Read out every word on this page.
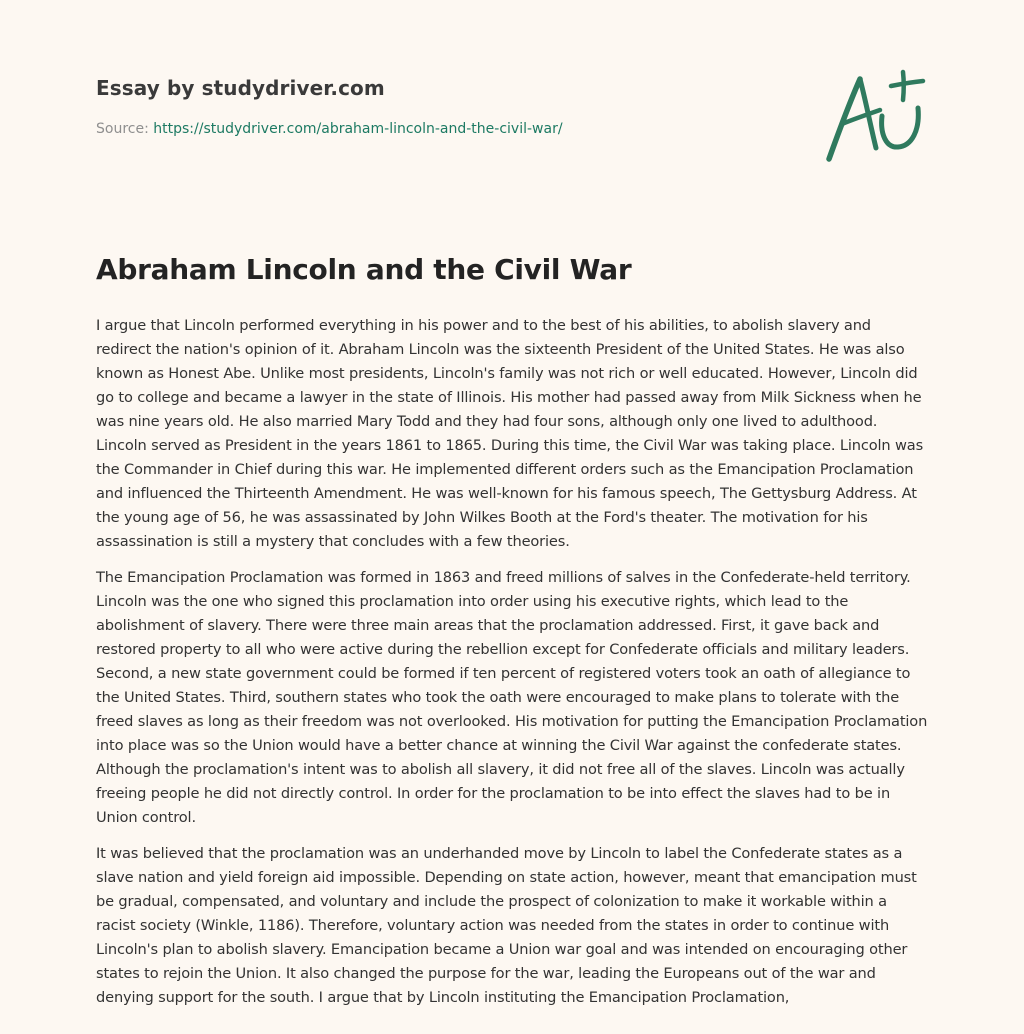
Essay by studydriver.com
Source: https://studydriver.com/abraham-lincoln-and-the-civil-war/
Abraham Lincoln and the Civil War

I argue that Lincoln performed everything in his power and to the best of his abilities, to abolish slavery and redirect the nation's opinion of it. Abraham Lincoln was the sixteenth President of the United States. He was also known as Honest Abe. Unlike most presidents, Lincoln's family was not rich or well educated. However, Lincoln did go to college and became a lawyer in the state of Illinois. His mother had passed away from Milk Sickness when he was nine years old. He also married Mary Todd and they had four sons, although only one lived to adulthood. Lincoln served as President in the years 1861 to 1865. During this time, the Civil War was taking place. Lincoln was the Commander in Chief during this war. He implemented different orders such as the Emancipation Proclamation and influenced the Thirteenth Amendment. He was well-known for his famous speech, The Gettysburg Address. At the young age of 56, he was assassinated by John Wilkes Booth at the Ford's theater. The motivation for his assassination is still a mystery that concludes with a few theories.

The Emancipation Proclamation was formed in 1863 and freed millions of salves in the Confederate-held territory. Lincoln was the one who signed this proclamation into order using his executive rights, which lead to the abolishment of slavery. There were three main areas that the proclamation addressed. First, it gave back and restored property to all who were active during the rebellion except for Confederate officials and military leaders. Second, a new state government could be formed if ten percent of registered voters took an oath of allegiance to the United States. Third, southern states who took the oath were encouraged to make plans to tolerate with the freed slaves as long as their freedom was not overlooked. His motivation for putting the Emancipation Proclamation into place was so the Union would have a better chance at winning the Civil War against the confederate states. Although the proclamation's intent was to abolish all slavery, it did not free all of the slaves. Lincoln was actually freeing people he did not directly control. In order for the proclamation to be into effect the slaves had to be in Union control.

It was believed that the proclamation was an underhanded move by Lincoln to label the Confederate states as a slave nation and yield foreign aid impossible. Depending on state action, however, meant that emancipation must be gradual, compensated, and voluntary and include the prospect of colonization to make it workable within a racist society (Winkle, 1186). Therefore, voluntary action was needed from the states in order to continue with Lincoln's plan to abolish slavery. Emancipation became a Union war goal and was intended on encouraging other states to rejoin the Union. It also changed the purpose for the war, leading the Europeans out of the war and denying support for the south. I argue that by Lincoln instituting the Emancipation Proclamation,
